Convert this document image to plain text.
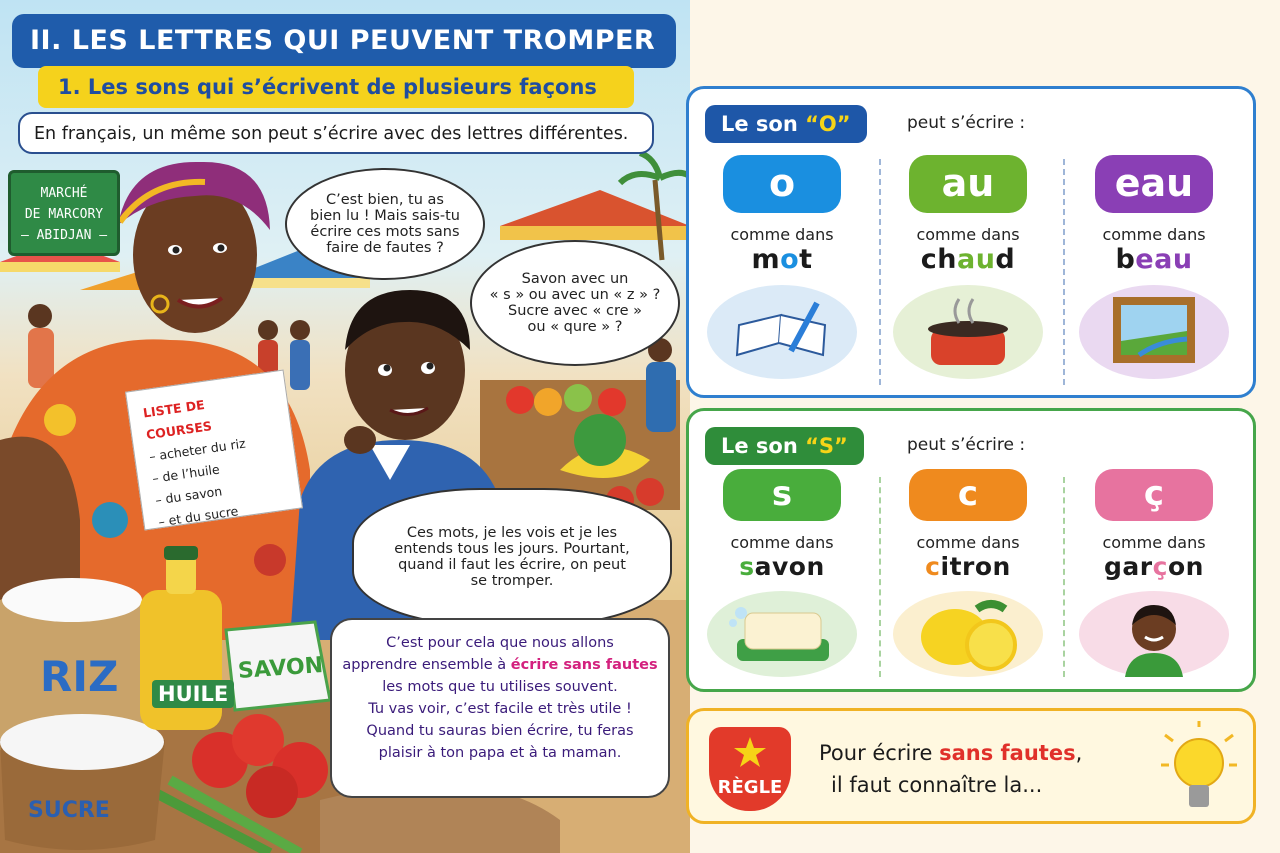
MARCHÉ
DE MARCORY
– ABIDJAN –
C’est bien, tu as
bien lu ! Mais sais-tu
écrire ces mots sans
faire de fautes ?
Savon avec un
« s » ou avec un « z » ?
Sucre avec « cre »
ou « qure » ?
Ces mots, je les vois et je les
entends tous les jours. Pourtant,
quand il faut les écrire, on peut
se tromper.
LISTE DE COURSES
– acheter du riz
– de l’huile
– du savon
– et du sucre
RIZ HUILE
SAVON
SUCRE
C’est pour cela que nous allons
apprendre ensemble à écrire sans fautes
les mots que tu utilises souvent.
Tu vas voir, c’est facile et très utile !
Quand tu sauras bien écrire, tu feras
plaisir à ton papa et à ta maman.
II. LES LETTRES QUI PEUVENT TROMPER
1. Les sons qui s’écrivent de plusieurs façons
En français, un même son peut s’écrire avec des lettres différentes.	Le son “O”	peut s’écrire :
o
comme dans
mot
au
comme dans
chaud
eau
comme dans
beau
Le son “S”	peut s’écrire :
s
comme dans
savon
c
comme dans
citron
ç
comme dans
garçon
RÈGLE
Pour écrire sans fautes,
il faut connaître la...
